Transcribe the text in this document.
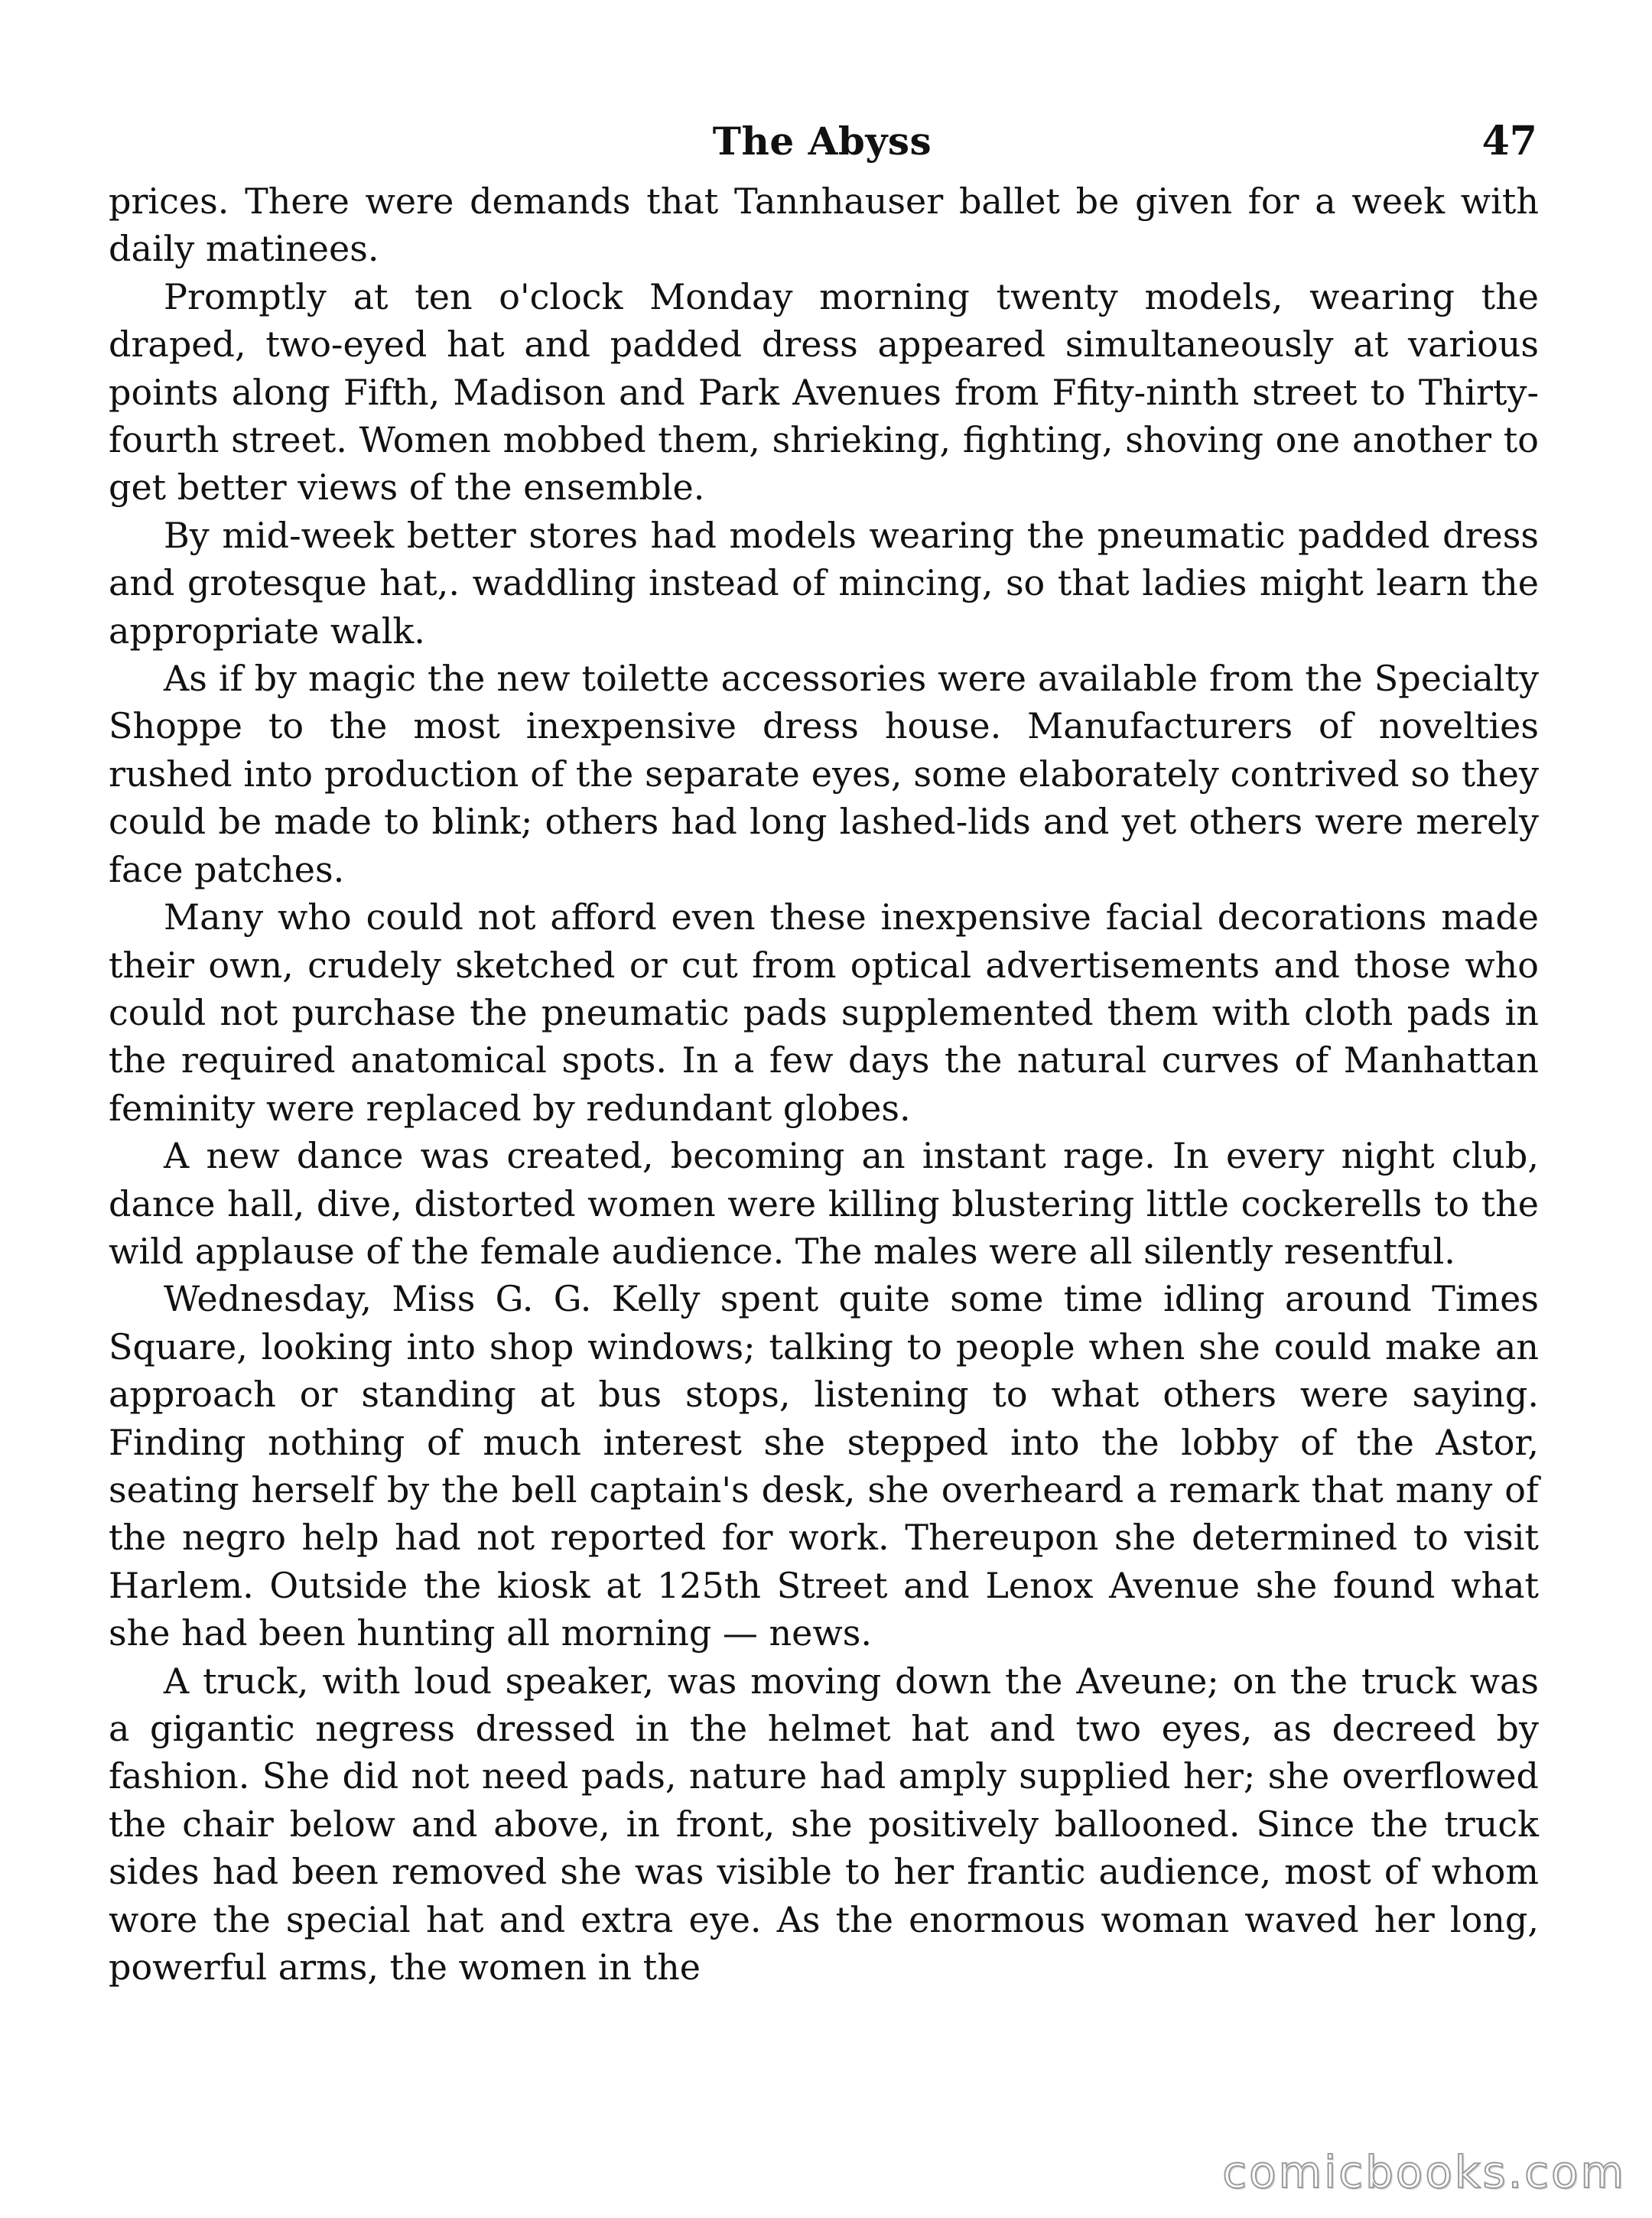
The Abyss	47

prices. There were demands that Tannhauser ballet be given for a week with daily matinees.

Promptly at ten o'clock Monday morning twenty models, wearing the draped, two-eyed hat and padded dress appeared simultaneously at various points along Fifth, Madison and Park Avenues from Ffity-ninth street to Thirty-fourth street. Women mobbed them, shrieking, fighting, shoving one another to get better views of the ensemble.

By mid-week better stores had models wearing the pneumatic padded dress and grotesque hat,. waddling instead of mincing, so that ladies might learn the appropriate walk.

As if by magic the new toilette accessories were available from the Specialty Shoppe to the most inexpensive dress house. Manufacturers of novelties rushed into production of the separate eyes, some elaborately contrived so they could be made to blink; others had long lashed-lids and yet others were merely face patches.

Many who could not afford even these inexpensive facial decorations made their own, crudely sketched or cut from optical advertisements and those who could not purchase the pneumatic pads supplemented them with cloth pads in the required anatomical spots. In a few days the natural curves of Manhattan feminity were replaced by redundant globes.

A new dance was created, becoming an instant rage. In every night club, dance hall, dive, distorted women were killing blustering little cockerells to the wild applause of the female audience. The males were all silently resentful.

Wednesday, Miss G. G. Kelly spent quite some time idling around Times Square, looking into shop windows; talking to people when she could make an approach or standing at bus stops, listening to what others were saying. Finding nothing of much interest she stepped into the lobby of the Astor, seating herself by the bell captain's desk, she overheard a remark that many of the negro help had not reported for work. Thereupon she determined to visit Harlem. Outside the kiosk at 125th Street and Lenox Avenue she found what she had been hunting all morning — news.

A truck, with loud speaker, was moving down the Aveune; on the truck was a gigantic negress dressed in the helmet hat and two eyes, as decreed by fashion. She did not need pads, nature had amply supplied her; she overflowed the chair below and above, in front, she positively ballooned. Since the truck sides had been removed she was visible to her frantic audience, most of whom wore the special hat and extra eye. As the enormous woman waved her long, powerful arms, the women in the

comicbooks.com
